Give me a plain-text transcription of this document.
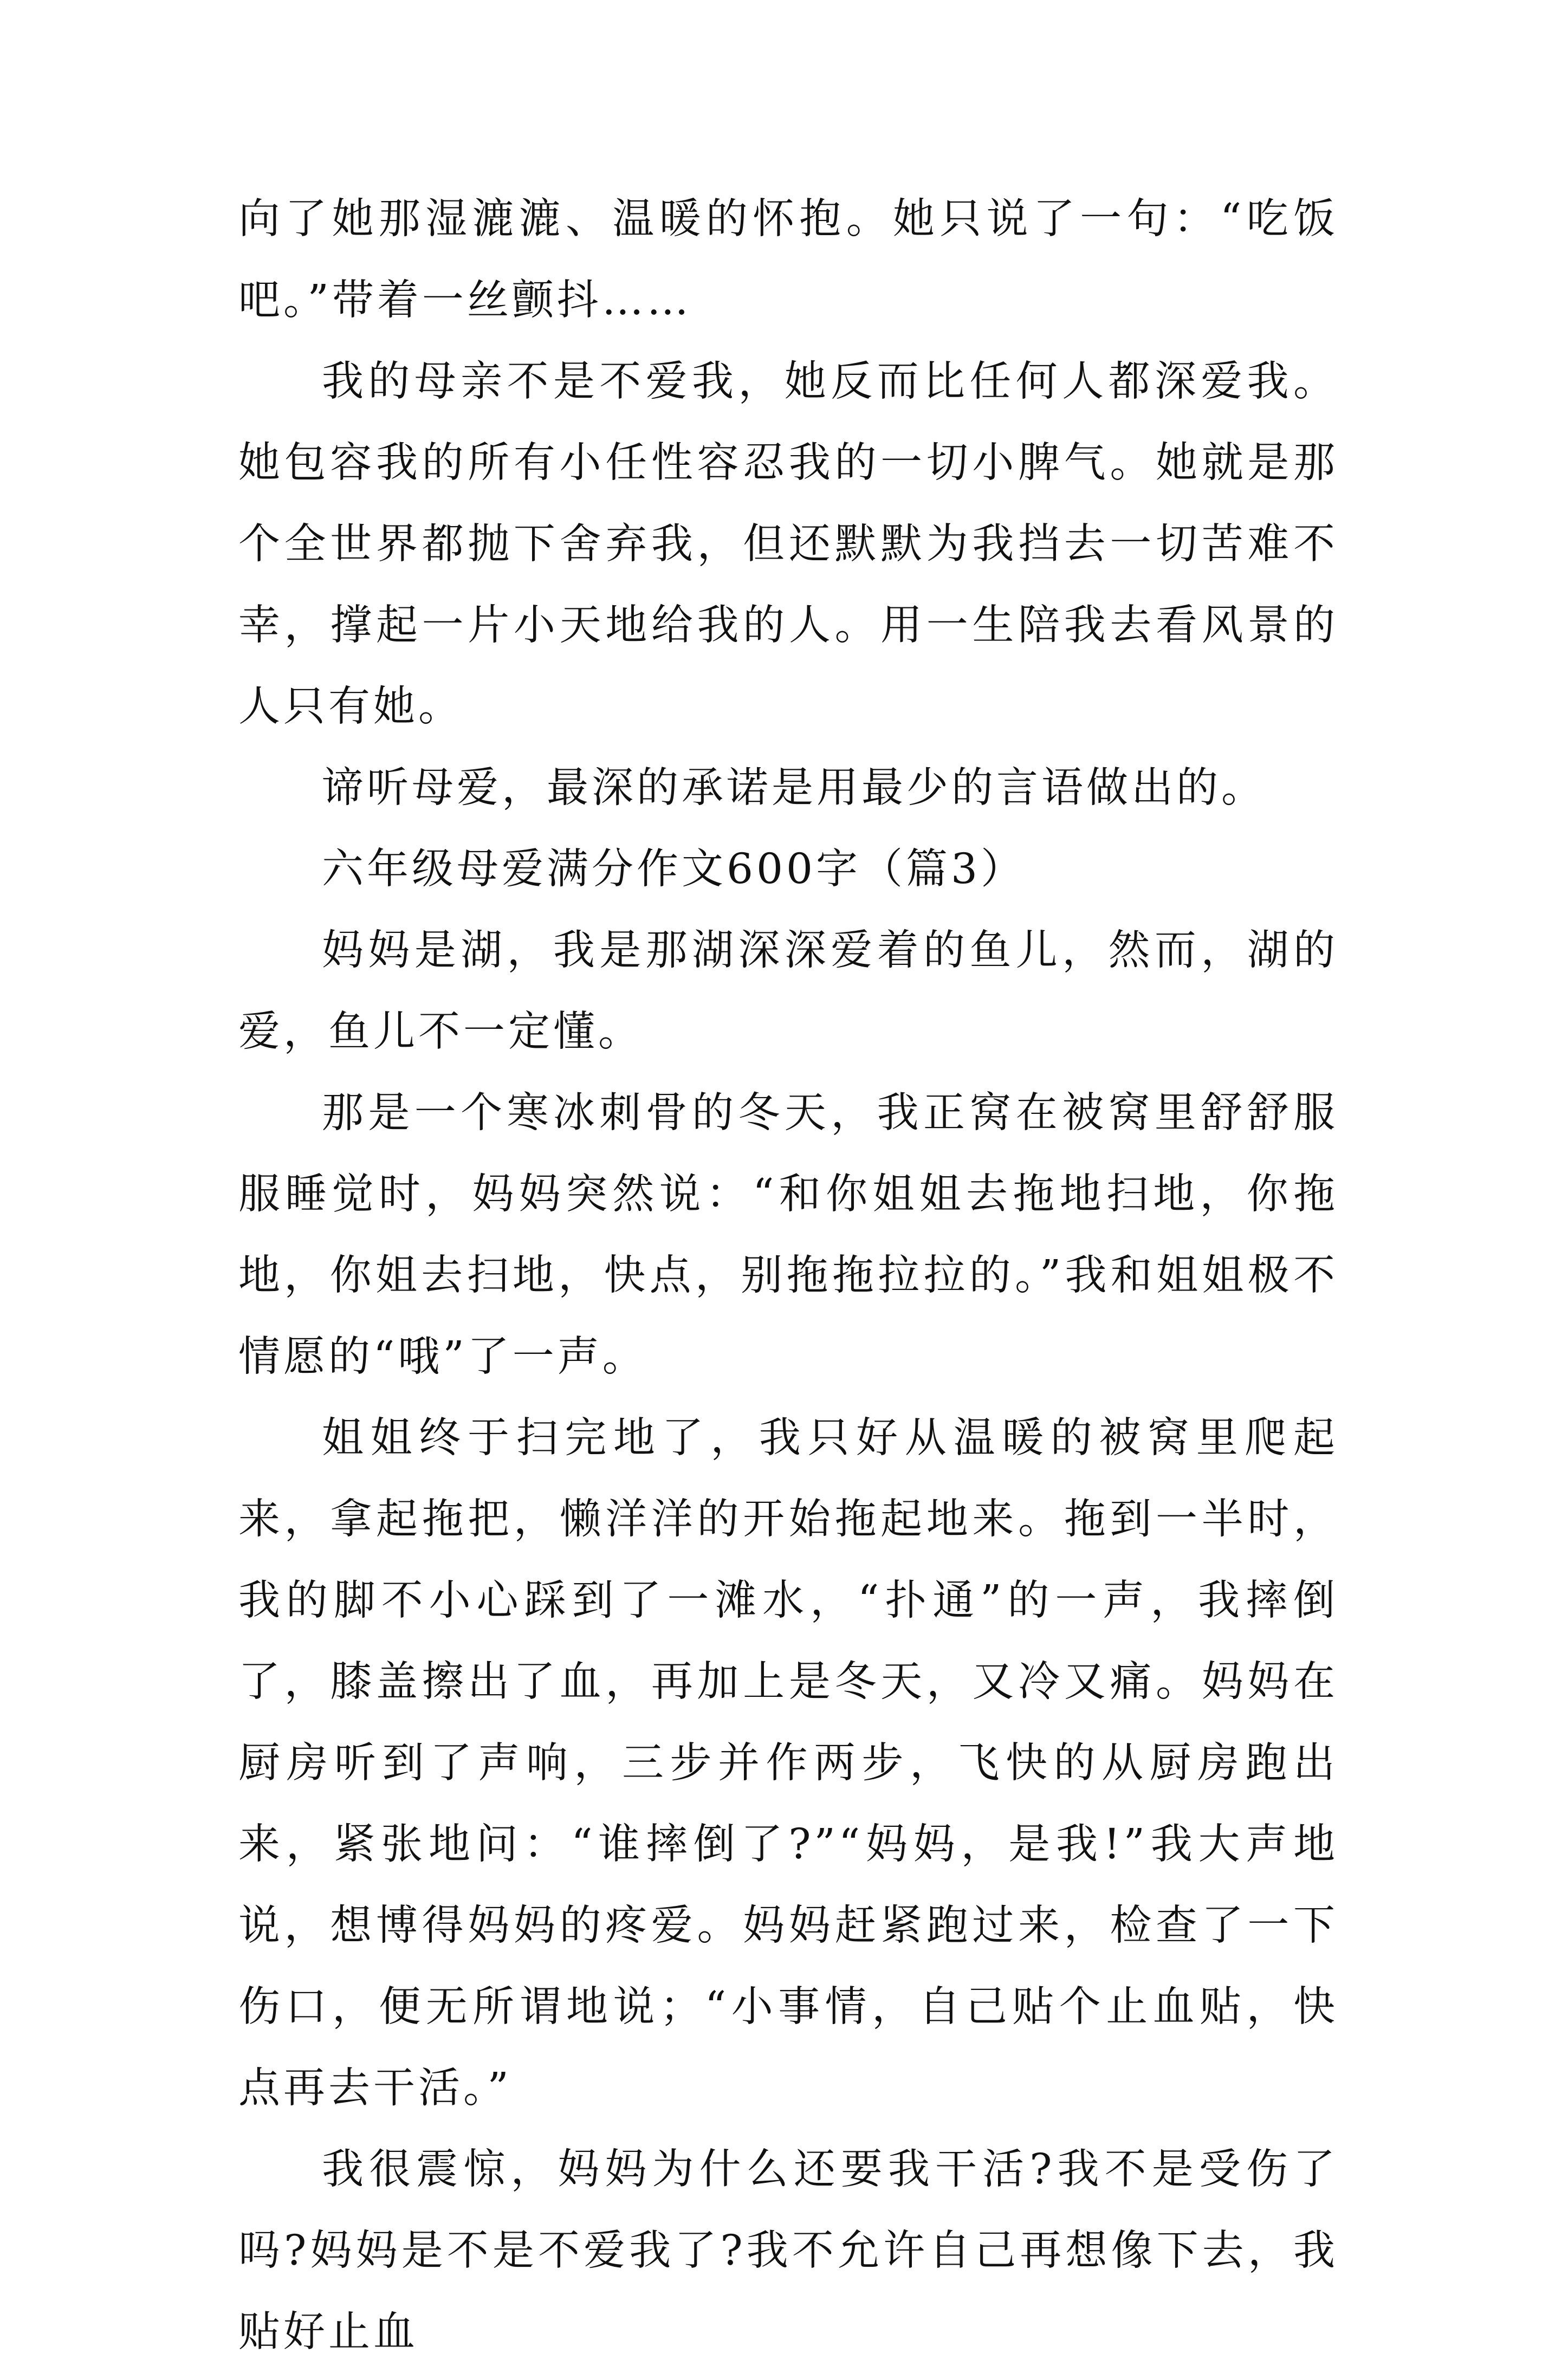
向了她那湿漉漉、温暖的怀抱。她只说了一句：“吃饭吧。”带着一丝颤抖……

我的母亲不是不爱我，她反而比任何人都深爱我。她包容我的所有小任性容忍我的一切小脾气。她就是那个全世界都抛下舍弃我，但还默默为我挡去一切苦难不幸，撑起一片小天地给我的人。用一生陪我去看风景的人只有她。

谛听母爱，最深的承诺是用最少的言语做出的。

六年级母爱满分作文600字（篇3）

妈妈是湖，我是那湖深深爱着的鱼儿，然而，湖的爱，鱼儿不一定懂。

那是一个寒冰刺骨的冬天，我正窝在被窝里舒舒服服睡觉时，妈妈突然说：“和你姐姐去拖地扫地，你拖地，你姐去扫地，快点，别拖拖拉拉的。”我和姐姐极不情愿的“哦”了一声。

姐姐终于扫完地了，我只好从温暖的被窝里爬起来，拿起拖把，懒洋洋的开始拖起地来。拖到一半时，我的脚不小心踩到了一滩水，“扑通”的一声，我摔倒了，膝盖擦出了血，再加上是冬天，又冷又痛。妈妈在厨房听到了声响，三步并作两步，飞快的从厨房跑出来，紧张地问：“谁摔倒了?”“妈妈，是我!”我大声地说，想博得妈妈的疼爱。妈妈赶紧跑过来，检查了一下伤口，便无所谓地说；“小事情，自己贴个止血贴，快点再去干活。”

我很震惊，妈妈为什么还要我干活?我不是受伤了吗?妈妈是不是不爱我了?我不允许自己再想像下去，我贴好止血
